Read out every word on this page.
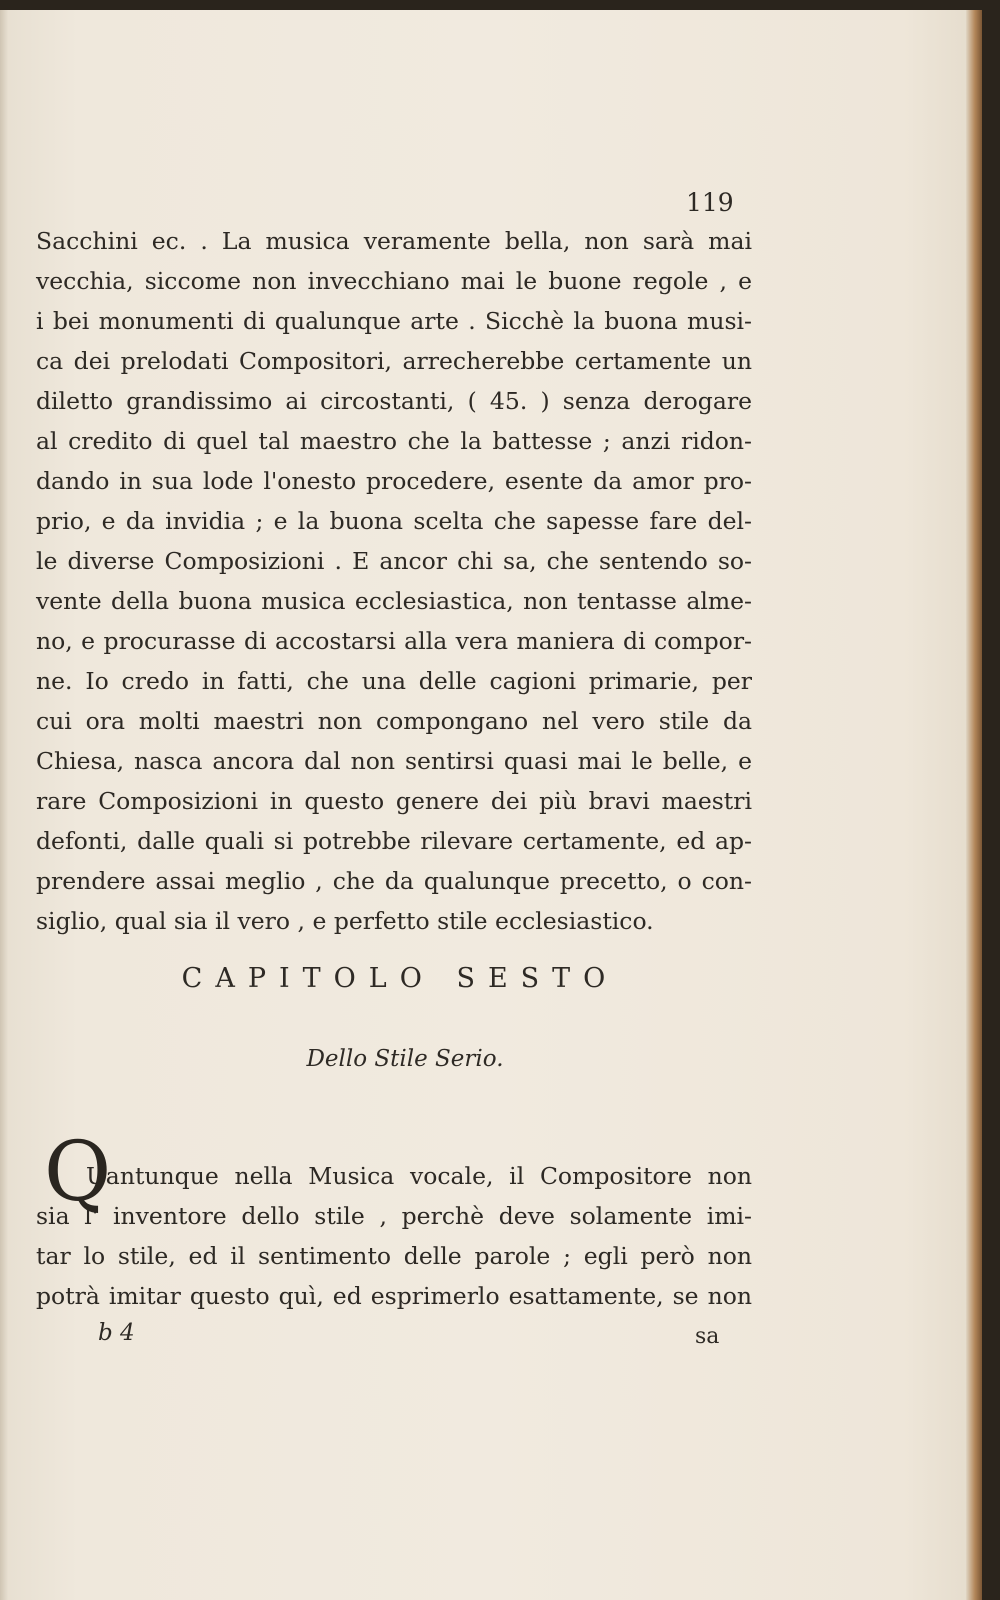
119
Sacchini ec. . La musica veramente bella, non sarà mai
vecchia, siccome non invecchiano mai le buone regole , e
i bei monumenti di qualunque arte . Sicchè la buona musi-
ca dei prelodati Compositori, arrecherebbe certamente un
diletto grandissimo ai circostanti, ( 45. ) senza derogare
al credito di quel tal maestro che la battesse ; anzi ridon-
dando in sua lode l'onesto procedere, esente da amor pro-
prio, e da invidia ; e la buona scelta che sapesse fare del-
le diverse Composizioni . E ancor chi sa, che sentendo so-
vente della buona musica ecclesiastica, non tentasse alme-
no, e procurasse di accostarsi alla vera maniera di compor-
ne. Io credo in fatti, che una delle cagioni primarie, per
cui ora molti maestri non compongano nel vero stile da
Chiesa, nasca ancora dal non sentirsi quasi mai le belle, e
rare Composizioni in questo genere dei più bravi maestri
defonti, dalle quali si potrebbe rilevare certamente, ed ap-
prendere assai meglio , che da qualunque precetto, o con-
siglio, qual sia il vero , e perfetto stile ecclesiastico.
CAPITOLO SESTO
Dello Stile Serio.
Q
Uantunque nella Musica vocale, il Compositore non
sia l' inventore dello stile , perchè deve solamente imi-
tar lo stile, ed il sentimento delle parole ; egli però non
potrà imitar questo quì, ed esprimerlo esattamente, se non
b 4	sa
